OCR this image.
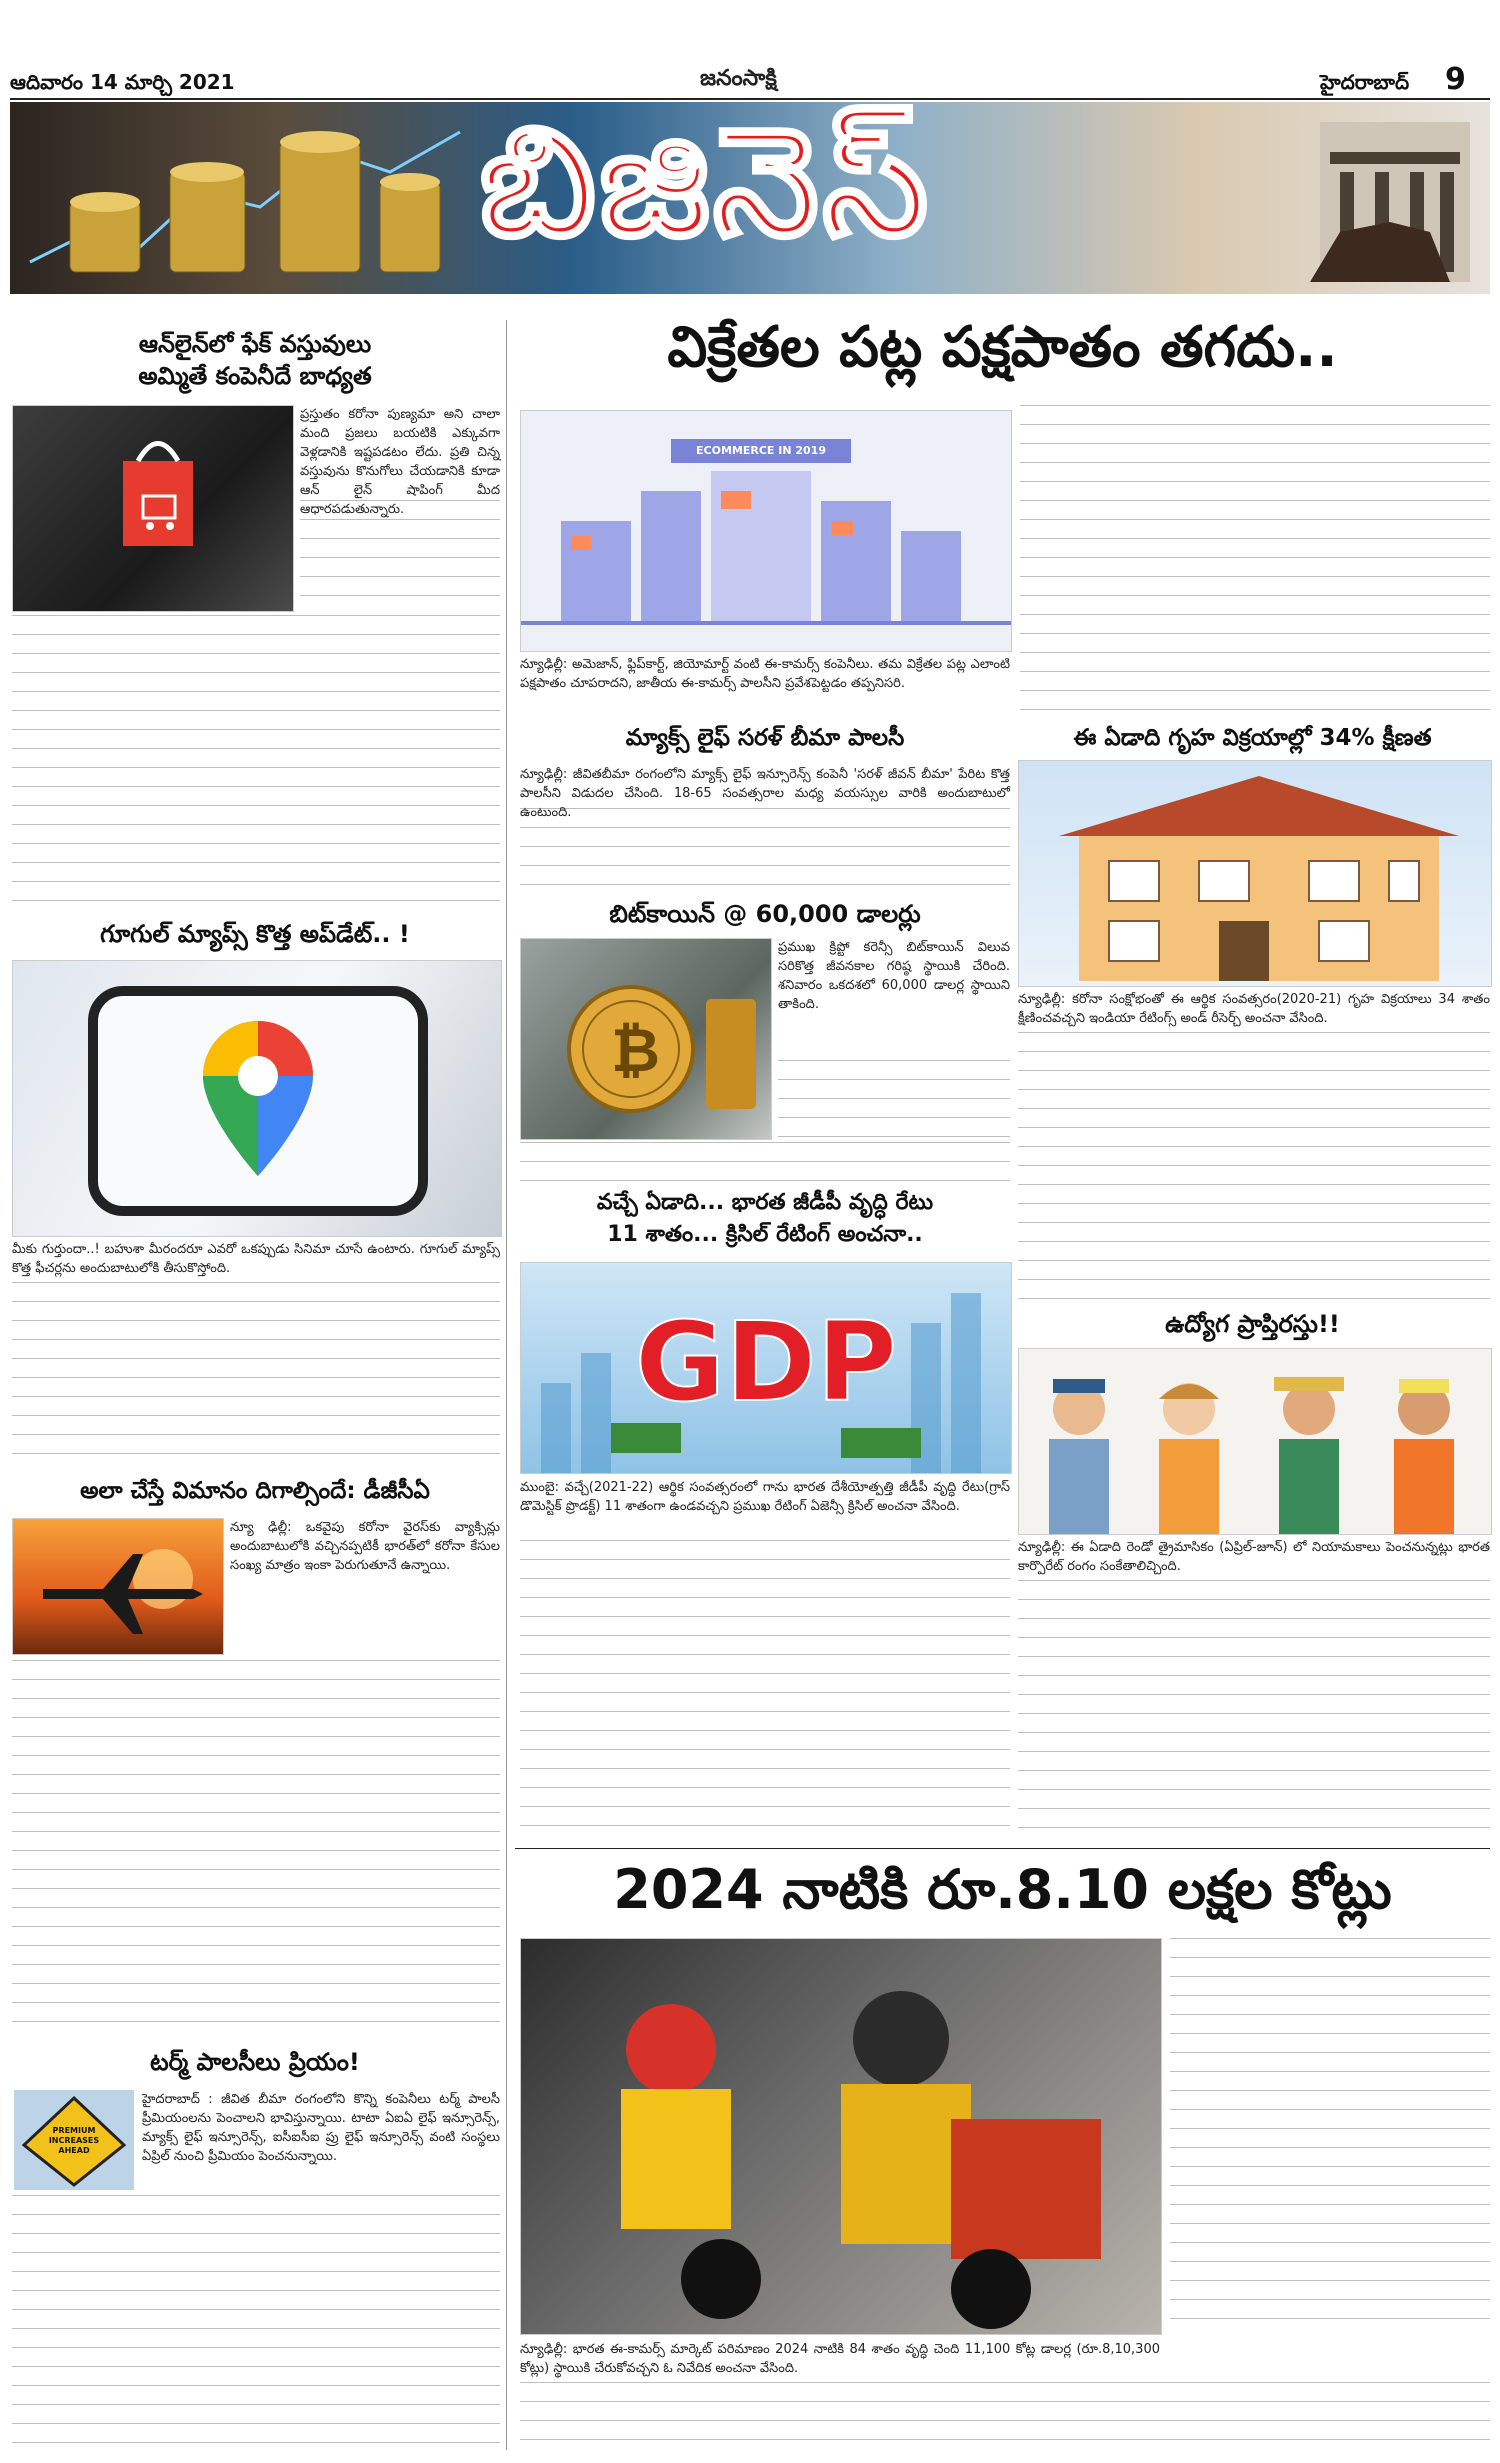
ఆదివారం 14 మార్చి 2021	జనంసాక్షి	హైదరాబాద్ 9
బిజినెస్
ఆన్‌లైన్‌లో ఫేక్ వస్తువులు
అమ్మితే కంపెనీదే బాధ్యత
ప్రస్తుతం కరోనా పుణ్యమా అని చాలా మంది ప్రజలు బయటికి ఎక్కువగా వెళ్లడానికి ఇష్టపడటం లేదు. ప్రతి చిన్న వస్తువును కొనుగోలు చేయడానికి కూడా ఆన్ లైన్ షాపింగ్ మీద ఆధారపడుతున్నారు.
గూగుల్ మ్యాప్స్ కొత్త అప్‌డేట్.. !
మీకు గుర్తుందా..! బహుశా మీరందరూ ఎవరో ఒకప్పుడు సినిమా చూసే ఉంటారు. గూగుల్ మ్యాప్స్ కొత్త ఫీచర్లను అందుబాటులోకి తీసుకొస్తోంది.
అలా చేస్తే విమానం దిగాల్సిందే: డీజీసీఏ
న్యూ ఢిల్లీ: ఒకవైపు కరోనా వైరస్‌కు వ్యాక్సిన్లు అందుబాటులోకి వచ్చినప్పటికీ భారత్‌లో కరోనా కేసుల సంఖ్య మాత్రం ఇంకా పెరుగుతూనే ఉన్నాయి.
టర్మ్ పాలసీలు ప్రియం!
PREMIUM INCREASES AHEAD
హైదరాబాద్ : జీవిత బీమా రంగంలోని కొన్ని కంపెనీలు టర్మ్ పాలసీ ప్రీమియంలను పెంచాలని భావిస్తున్నాయి. టాటా ఏఐఏ లైఫ్ ఇన్సూరెన్స్, మ్యాక్స్ లైఫ్ ఇన్సూరెన్స్, ఐసీఐసీఐ ప్రు లైఫ్ ఇన్సూరెన్స్ వంటి సంస్థలు ఏప్రిల్ నుంచి ప్రీమియం పెంచనున్నాయి.
విక్రేతల పట్ల పక్షపాతం తగదు..
ECOMMERCE IN 2019
న్యూఢిల్లీ: అమెజాన్, ఫ్లిప్‌కార్ట్, జియోమార్ట్ వంటి ఈ-కామర్స్ కంపెనీలు. తమ విక్రేతల పట్ల ఎలాంటి పక్షపాతం చూపరాదని, జాతీయ ఈ-కామర్స్ పాలసీని ప్రవేశపెట్టడం తప్పనిసరి.
మ్యాక్స్ లైఫ్ సరళ్ బీమా పాలసీ
న్యూఢిల్లీ: జీవితబీమా రంగంలోని మ్యాక్స్ లైఫ్ ఇన్సూరెన్స్ కంపెనీ 'సరళ్ జీవన్ బీమా' పేరిట కొత్త పాలసీని విడుదల చేసింది. 18-65 సంవత్సరాల మధ్య వయస్సుల వారికి అందుబాటులో ఉంటుంది.
ఈ ఏడాది గృహ విక్రయాల్లో 34% క్షీణత
న్యూఢిల్లీ: కరోనా సంక్షోభంతో ఈ ఆర్థిక సంవత్సరం(2020-21) గృహ విక్రయాలు 34 శాతం క్షీణించవచ్చని ఇండియా రేటింగ్స్ అండ్ రీసెర్చ్ అంచనా వేసింది.
బిట్‌కాయిన్ @ 60,000 డాలర్లు
₿
ప్రముఖ క్రిప్టో కరెన్సీ బిట్‌కాయిన్ విలువ సరికొత్త జీవనకాల గరిష్ఠ స్థాయికి చేరింది. శనివారం ఒకదశలో 60,000 డాలర్ల స్థాయిని తాకింది.
వచ్చే ఏడాది... భారత జీడీపీ వృద్ధి రేటు
11 శాతం... క్రిసిల్ రేటింగ్ అంచనా..
GDP
ముంబై: వచ్చే(2021-22) ఆర్థిక సంవత్సరంలో గాను భారత దేశీయోత్పత్తి జీడీపీ వృద్ధి రేటు(గ్రాస్ డొమెస్టిక్ ప్రొడక్ట్) 11 శాతంగా ఉండవచ్చని ప్రముఖ రేటింగ్ ఏజెన్సీ క్రిసిల్ అంచనా వేసింది.
ఉద్యోగ ప్రాప్తిరస్తు!!
న్యూఢిల్లీ: ఈ ఏడాది రెండో త్రైమాసికం (ఏప్రిల్-జూన్) లో నియామకాలు పెంచనున్నట్లు భారత కార్పొరేట్ రంగం సంకేతాలిచ్చింది.
2024 నాటికి రూ.8.10 లక్షల కోట్లు
న్యూఢిల్లీ: భారత ఈ-కామర్స్ మార్కెట్ పరిమాణం 2024 నాటికి 84 శాతం వృద్ధి చెంది 11,100 కోట్ల డాలర్ల (రూ.8,10,300 కోట్లు) స్థాయికి చేరుకోవచ్చని ఓ నివేదిక అంచనా వేసింది.
